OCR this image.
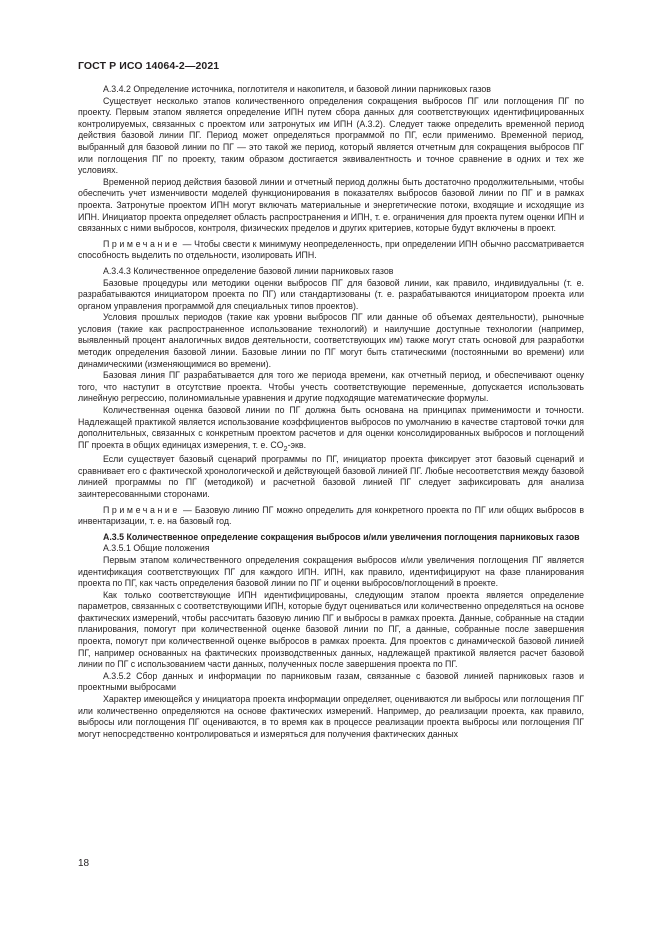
ГОСТ Р ИСО 14064-2—2021

A.3.4.2 Определение источника, поглотителя и накопителя, и базовой линии парниковых газов

Существует несколько этапов количественного определения сокращения выбросов ПГ или поглощения ПГ по проекту. Первым этапом является определение ИПН путем сбора данных для соответствующих идентифицированных контролируемых, связанных с проектом или затронутых им ИПН (A.3.2). Следует также определить временной период действия базовой линии ПГ. Период может определяться программой по ПГ, если применимо. Временной период, выбранный для базовой линии по ПГ — это такой же период, который является отчетным для сокращения выбросов ПГ или поглощения ПГ по проекту, таким образом достигается эквивалентность и точное сравнение в одних и тех же условиях.

Временной период действия базовой линии и отчетный период должны быть достаточно продолжительными, чтобы обеспечить учет изменчивости моделей функционирования в показателях выбросов базовой линии по ПГ и в рамках проекта. Затронутые проектом ИПН могут включать материальные и энергетические потоки, входящие и исходящие из ИПН. Инициатор проекта определяет область распространения и ИПН, т. е. ограничения для проекта путем оценки ИПН и связанных с ними выбросов, контроля, физических пределов и других критериев, которые будут включены в проект.

Примечание — Чтобы свести к минимуму неопределенность, при определении ИПН обычно рассматривается способность выделить по отдельности, изолировать ИПН.

A.3.4.3 Количественное определение базовой линии парниковых газов

Базовые процедуры или методики оценки выбросов ПГ для базовой линии, как правило, индивидуальны (т. е. разрабатываются инициатором проекта по ПГ) или стандартизованы (т. е. разрабатываются инициатором проекта или органом управления программой для специальных типов проектов).

Условия прошлых периодов (такие как уровни выбросов ПГ или данные об объемах деятельности), рыночные условия (такие как распространенное использование технологий) и наилучшие доступные технологии (например, выявленный процент аналогичных видов деятельности, соответствующих им) также могут стать основой для разработки методик определения базовой линии. Базовые линии по ПГ могут быть статическими (постоянными во времени) или динамическими (изменяющимися во времени).

Базовая линия ПГ разрабатывается для того же периода времени, как отчетный период, и обеспечивают оценку того, что наступит в отсутствие проекта. Чтобы учесть соответствующие переменные, допускается использовать линейную регрессию, полиномиальные уравнения и другие подходящие математические формулы.

Количественная оценка базовой линии по ПГ должна быть основана на принципах применимости и точности. Надлежащей практикой является использование коэффициентов выбросов по умолчанию в качестве стартовой точки для дополнительных, связанных с конкретным проектом расчетов и для оценки консолидированных выбросов и поглощений ПГ проекта в общих единицах измерения, т. е. $CO_2$-экв.

Если существует базовый сценарий программы по ПГ, инициатор проекта фиксирует этот базовый сценарий и сравнивает его с фактической хронологической и действующей базовой линией ПГ. Любые несоответствия между базовой линией программы по ПГ (методикой) и расчетной базовой линией ПГ следует зафиксировать для анализа заинтересованными сторонами.

Примечание — Базовую линию ПГ можно определить для конкретного проекта по ПГ или общих выбросов в инвентаризации, т. е. на базовый год.

A.3.5 Количественное определение сокращения выбросов и/или увеличения поглощения парниковых газов

A.3.5.1 Общие положения

Первым этапом количественного определения сокращения выбросов и/или увеличения поглощения ПГ является идентификация соответствующих ПГ для каждого ИПН. ИПН, как правило, идентифицируют на фазе планирования проекта по ПГ, как часть определения базовой линии по ПГ и оценки выбросов/поглощений в проекте.

Как только соответствующие ИПН идентифицированы, следующим этапом проекта является определение параметров, связанных с соответствующими ИПН, которые будут оцениваться или количественно определяться на основе фактических измерений, чтобы рассчитать базовую линию ПГ и выбросы в рамках проекта. Данные, собранные на стадии планирования, помогут при количественной оценке базовой линии по ПГ, а данные, собранные после завершения проекта, помогут при количественной оценке выбросов в рамках проекта. Для проектов с динамической базовой линией ПГ, например основанных на фактических производственных данных, надлежащей практикой является расчет базовой линии по ПГ с использованием части данных, полученных после завершения проекта по ПГ.

A.3.5.2 Сбор данных и информации по парниковым газам, связанные с базовой линией парниковых газов и проектными выбросами

Характер имеющейся у инициатора проекта информации определяет, оцениваются ли выбросы или поглощения ПГ или количественно определяются на основе фактических измерений. Например, до реализации проекта, как правило, выбросы или поглощения ПГ оцениваются, в то время как в процессе реализации проекта выбросы или поглощения ПГ могут непосредственно контролироваться и измеряться для получения фактических данных

18
